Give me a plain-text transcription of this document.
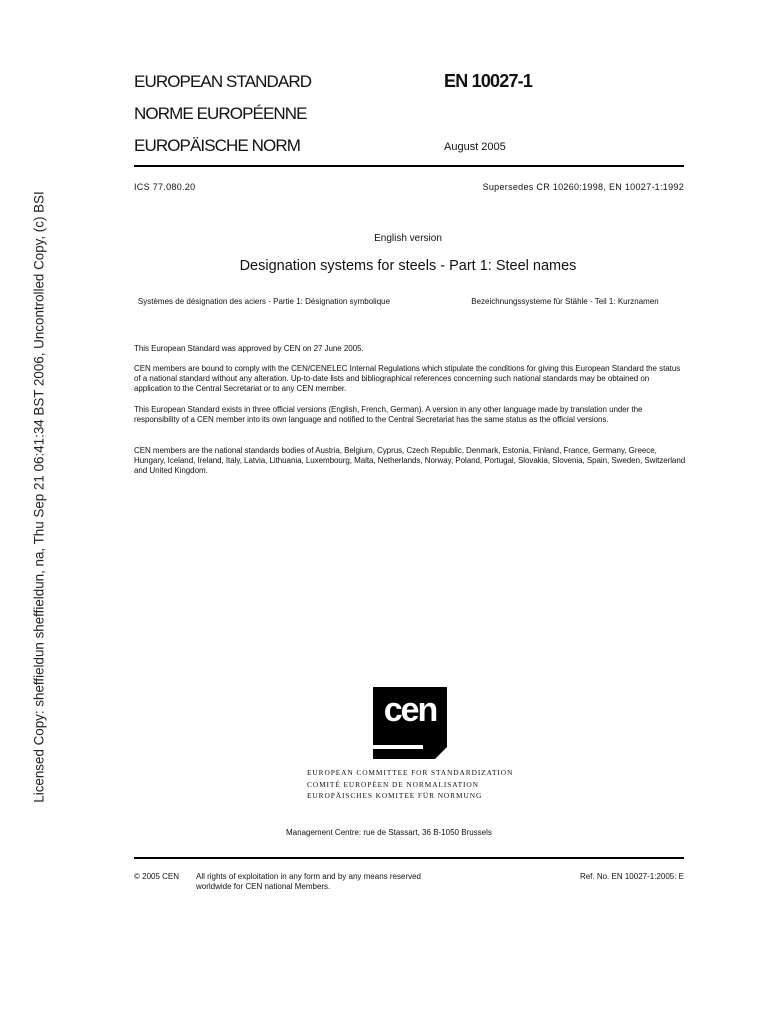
Licensed Copy: sheffieldun sheffieldun, na, Thu Sep 21 06:41:34 BST 2006, Uncontrolled Copy, (c) BSI
EUROPEAN STANDARD
NORME EUROPÉENNE
EUROPÄISCHE NORM
EN 10027-1
August 2005
ICS 77.080.20	Supersedes CR 10260:1998, EN 10027-1:1992
English version
Designation systems for steels - Part 1: Steel names
Systèmes de désignation des aciers - Partie 1: Désignation symbolique	Bezeichnungssysteme für Stähle - Teil 1: Kurznamen
This European Standard was approved by CEN on 27 June 2005.
CEN members are bound to comply with the CEN/CENELEC Internal Regulations which stipulate the conditions for giving this European Standard the status of a national standard without any alteration. Up-to-date lists and bibliographical references concerning such national standards may be obtained on application to the Central Secretariat or to any CEN member.
This European Standard exists in three official versions (English, French, German). A version in any other language made by translation under the responsibility of a CEN member into its own language and notified to the Central Secretariat has the same status as the official versions.
CEN members are the national standards bodies of Austria, Belgium, Cyprus, Czech Republic, Denmark, Estonia, Finland, France, Germany, Greece, Hungary, Iceland, Ireland, Italy, Latvia, Lithuania, Luxembourg, Malta, Netherlands, Norway, Poland, Portugal, Slovakia, Slovenia, Spain, Sweden, Switzerland and United Kingdom.
cen
EUROPEAN COMMITTEE FOR STANDARDIZATION
COMITÉ EUROPÉEN DE NORMALISATION
EUROPÄISCHES KOMITEE FÜR NORMUNG
Management Centre: rue de Stassart, 36 B-1050 Brussels
© 2005 CEN All rights of exploitation in any form and by any means reserved worldwide for CEN national Members.
Ref. No. EN 10027-1:2005: E
